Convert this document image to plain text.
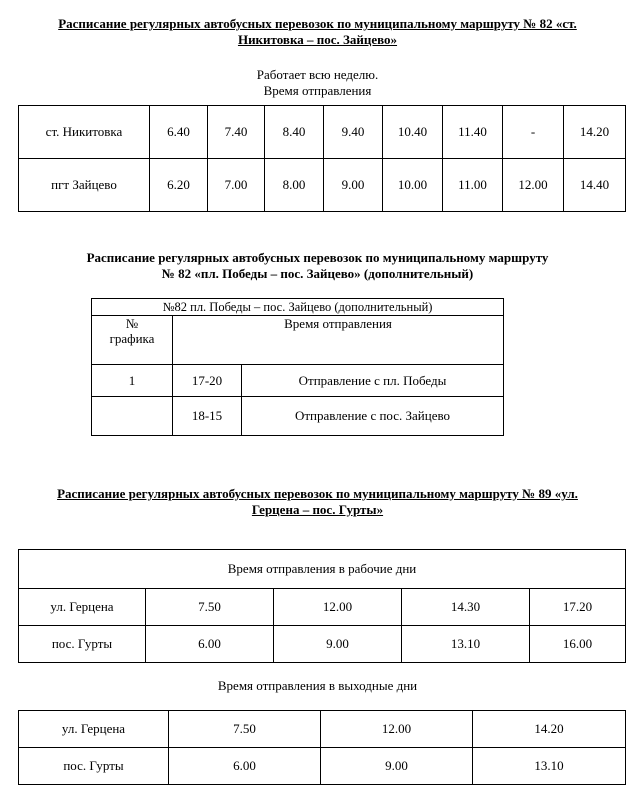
Расписание регулярных автобусных перевозок по муниципальному маршруту № 82 «ст.

Никитовка – пос. Зайцево»

Работает всю неделю.

Время отправления

ст. Никитовка	6.40	7.40	8.40	9.40	10.40	11.40	-	14.20
пгт Зайцево	6.20	7.00	8.00	9.00	10.00	11.00	12.00	14.40

Расписание регулярных автобусных перевозок по муниципальному маршруту

№ 82 «пл. Победы – пос. Зайцево» (дополнительный)

№82 пл. Победы – пос. Зайцево (дополнительный)		

№
графика	Время отправления	
1	17-20	Отправление с пл. Победы
	18-15	Отправление с пос. Зайцево

Расписание регулярных автобусных перевозок по муниципальному маршруту № 89 «ул.

Герцена – пос. Гурты»

Время отправления в рабочие дни				
ул. Герцена	7.50	12.00	14.30	17.20
пос. Гурты	6.00	9.00	13.10	16.00

Время отправления в выходные дни

ул. Герцена	7.50	12.00	14.20
пос. Гурты	6.00	9.00	13.10
